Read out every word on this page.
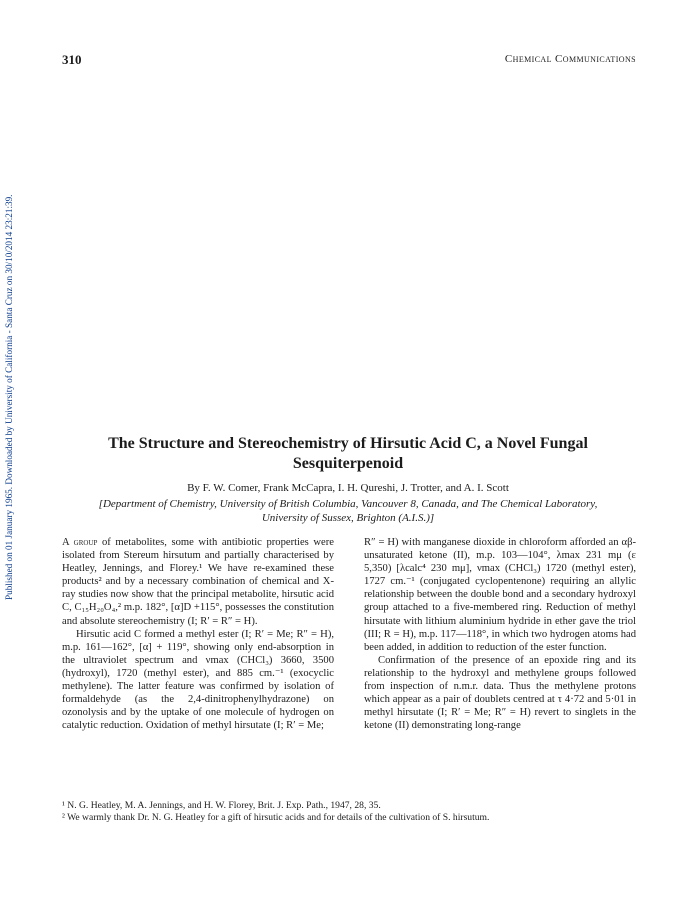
310	Chemical Communications
Published on 01 January 1965. Downloaded by University of California - Santa Cruz on 30/10/2014 23:21:39.	The Structure and Stereochemistry of Hirsutic Acid C, a Novel Fungal Sesquiterpenoid
By F. W. Comer, Frank McCapra, I. H. Qureshi, J. Trotter, and A. I. Scott
[Department of Chemistry, University of British Columbia, Vancouver 8, Canada, and The Chemical Laboratory, University of Sussex, Brighton (A.I.S.)]

A group of metabolites, some with antibiotic properties were isolated from Stereum hirsutum and partially characterised by Heatley, Jennings, and Florey.¹ We have re-examined these products² and by a necessary combination of chemical and X-ray studies now show that the principal metabolite, hirsutic acid C, C₁₅H₂₀O₄,² m.p. 182°, [α]D +115°, possesses the constitution and absolute stereochemistry (I; R′ = R″ = H).

Hirsutic acid C formed a methyl ester (I; R′ = Me; R″ = H), m.p. 161—162°, [α] + 119°, showing only end-absorption in the ultraviolet spectrum and νmax (CHCl₃) 3660, 3500 (hydroxyl), 1720 (methyl ester), and 885 cm.⁻¹ (exocyclic methylene). The latter feature was confirmed by isolation of formaldehyde (as the 2,4-dinitrophenylhydrazone) on ozonolysis and by the uptake of one molecule of hydrogen on catalytic reduction. Oxidation of methyl hirsutate (I; R′ = Me;

R″ = H) with manganese dioxide in chloroform afforded an αβ-unsaturated ketone (II), m.p. 103—104°, λmax 231 mμ (ε 5,350) [λcalc⁴ 230 mμ], νmax (CHCl₃) 1720 (methyl ester), 1727 cm.⁻¹ (conjugated cyclopentenone) requiring an allylic relationship between the double bond and a secondary hydroxyl group attached to a five-membered ring. Reduction of methyl hirsutate with lithium aluminium hydride in ether gave the triol (III; R = H), m.p. 117—118°, in which two hydrogen atoms had been added, in addition to reduction of the ester function.

Confirmation of the presence of an epoxide ring and its relationship to the hydroxyl and methylene groups followed from inspection of n.m.r. data. Thus the methylene protons which appear as a pair of doublets centred at τ 4·72 and 5·01 in methyl hirsutate (I; R′ = Me; R″ = H) revert to singlets in the ketone (II) demonstrating long-range

¹ N. G. Heatley, M. A. Jennings, and H. W. Florey, Brit. J. Exp. Path., 1947, 28, 35.

² We warmly thank Dr. N. G. Heatley for a gift of hirsutic acids and for details of the cultivation of S. hirsutum.
